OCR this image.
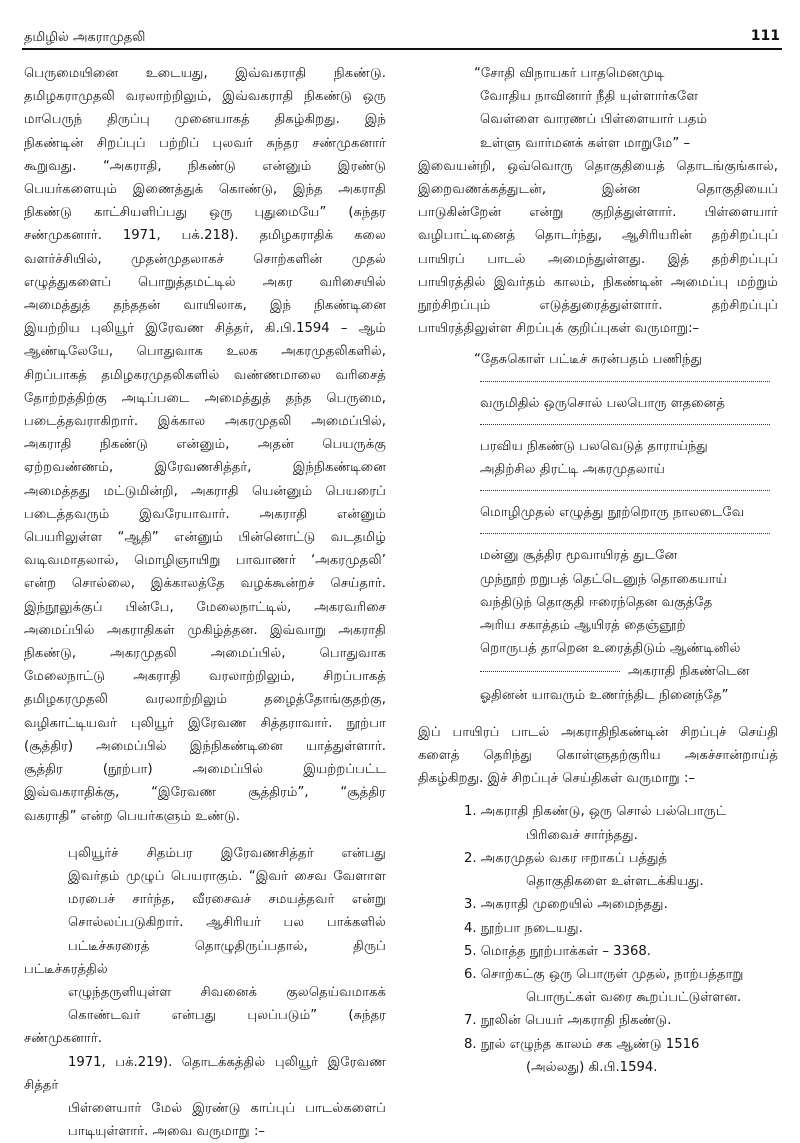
தமிழில் அகராமுதலி	111
பெருமையினை உடையது, இவ்வகராதி நிகண்டு.
தமிழகராமுதலி வரலாற்றிலும், இவ்வகராதி நிகண்டு ஒரு
மாபெருந் திருப்பு முனையாகத் திகழ்கிறது. இந்
நிகண்டின் சிறப்புப் பற்றிப் புலவர் சுந்தர சண்முகனார்
கூறுவது. “அகராதி, நிகண்டு என்னும் இரண்டு
பெயர்களையும் இணைத்துக் கொண்டு, இந்த அகராதி
நிகண்டு காட்சியளிப்பது ஒரு புதுமையே” (சுந்தர
சண்முகனார். 1971, பக்.218). தமிழகராதிக் கலை
வளர்ச்சியில், முதன்முதலாகச் சொற்களின் முதல்
எழுத்துகளைப் பொறுத்தமட்டில் அகர வரிசையில்
அமைத்துத் தந்ததன் வாயிலாக, இந் நிகண்டினை
இயற்றிய புலியூர் இரேவண சித்தர், கி.பி.1594 – ஆம்
ஆண்டிலேயே, பொதுவாக உலக அகரமுதலிகளில்,
சிறப்பாகத் தமிழகரமுதலிகளில் வண்ணமாலை வரிசைத்
தோற்றத்திற்கு அடிப்படை அமைத்துத் தந்த பெருமை,
படைத்தவராகிறார். இக்கால அகரமுதலி அமைப்பில்,
அகராதி நிகண்டு என்னும், அதன் பெயருக்கு
ஏற்றவண்ணம், இரேவணசித்தர், இந்நிகண்டினை
அமைத்தது மட்டுமின்றி, அகராதி யென்னும் பெயரைப்
படைத்தவரும் இவரேயாவார். அகராதி என்னும்
பெயரிலுள்ள “ஆதி” என்னும் பின்னொட்டு வடதமிழ்
வடிவமாதலால், மொழிஞாயிறு பாவாணர் ‘அகரமுதலி’
என்ற சொல்லை, இக்காலத்தே வழக்கூன்றச் செய்தார்.
இந்நூலுக்குப் பின்பே, மேலைநாட்டில், அகரவரிசை
அமைப்பில் அகராதிகள் முகிழ்த்தன. இவ்வாறு அகராதி
நிகண்டு, அகரமுதலி அமைப்பில், பொதுவாக
மேலைநாட்டு அகராதி வரலாற்றிலும், சிறப்பாகத்
தமிழகரமுதலி வரலாற்றிலும் தழைத்தோங்குதற்கு,
வழிகாட்டியவர் புலியூர் இரேவண சித்தராவார். நூற்பா
(சூத்திர) அமைப்பில் இந்நிகண்டினை யாத்துள்ளார்.
சூத்திர (நூற்பா) அமைப்பில் இயற்றப்பட்ட
இவ்வகராதிக்கு, “இரேவண சூத்திரம்”, “சூத்திர
வகராதி” என்ற பெயர்களும் உண்டு.
புலியூர்ச் சிதம்பர இரேவணசித்தர் என்பது
இவர்தம் முழுப் பெயராகும். “இவர் சைவ வேளாள
மரபைச் சார்ந்த, வீரசைவச் சமயத்தவர் என்று
சொல்லப்படுகிறார். ஆசிரியர் பல பாக்களில்
பட்டீச்சுரரைத் தொழுதிருப்பதால், திருப் பட்டீச்சுரத்தில்
எழுந்தருளியுள்ள சிவனைக் குலதெய்வமாகக்
கொண்டவர் என்பது புலப்படும்” (சுந்தர சண்முகனார்.
1971, பக்.219). தொடக்கத்தில் புலியூர் இரேவண சித்தர்
பிள்ளையார் மேல் இரண்டு காப்புப் பாடல்களைப்
பாடியுள்ளார். அவை வருமாறு :–
“சோதி விநாயகர் பாதமெனமுடி
வோதிய நாவினார் நீதி யுள்ளார்களே
வெள்ளை வாரணப் பிள்ளையார் பதம்
உள்ளு வார்மனக் கள்ள மாறுமே” –
இவையன்றி, ஒவ்வொரு தொகுதியைத் தொடங்குங்கால்,
இறைவணக்கத்துடன், இன்ன தொகுதியைப்
பாடுகின்றேன் என்று குறித்துள்ளார். பிள்ளையார்
வழிபாட்டினைத் தொடர்ந்து, ஆசிரியரின் தற்சிறப்புப்
பாயிரப் பாடல் அமைந்துள்ளது. இத் தற்சிறப்புப்
பாயிரத்தில் இவர்தம் காலம், நிகண்டின் அமைப்பு மற்றும்
நூற்சிறப்பும் எடுத்துரைத்துள்ளார். தற்சிறப்புப்
பாயிரத்திலுள்ள சிறப்புக் குறிப்புகள் வருமாறு:–
“தேசுகொள் பட்டீச் சுரன்பதம் பணிந்து
வருமிதில் ஒருசொல் பலபொரு ளதனைத்
பரவிய நிகண்டு பலவெடுத் தாராய்ந்து
அதிற்சில திரட்டி அகரமுதலாய்
மொழிமுதல் எழுத்து நூற்றொரு நாலடைவே
மன்னு சூத்திர மூவாயிரத் துடனே
முந்நூற் றறுபத் தெட்டெனுந் தொகையாய்
வந்திடுந் தொகுதி ஈரைந்தென வகுத்தே
அரிய சகாத்தம் ஆயிரத் தைஞ்ஞூற்
றொருபத் தாறென உரைத்திடும் ஆண்டினில்
அகராதி நிகண்டென
ஓதினன் யாவரும் உணர்ந்திட நினைந்தே”
இப் பாயிரப் பாடல் அகராதிநிகண்டின் சிறப்புச் செய்தி
களைத் தெரிந்து கொள்ளுதற்குரிய அகச்சான்றாய்த்
திகழ்கிறது. இச் சிறப்புச் செய்திகள் வருமாறு :–
1. அகராதி நிகண்டு, ஒரு சொல் பல்பொருட்
பிரிவைச் சார்ந்தது.
2. அகரமுதல் வகர ஈறாகப் பத்துத்
தொகுதிகளை உள்ளடக்கியது.
3. அகராதி முறையில் அமைந்தது.
4. நூற்பா நடையது.
5. மொத்த நூற்பாக்கள் – 3368.
6. சொற்கட்கு ஒரு பொருள் முதல், நாற்பத்தாறு
பொருட்கள் வரை கூறப்பட்டுள்ளன.
7. நூலின் பெயர் அகராதி நிகண்டு.
8. நூல் எழுந்த காலம் சக ஆண்டு 1516
(அல்லது) கி.பி.1594.
